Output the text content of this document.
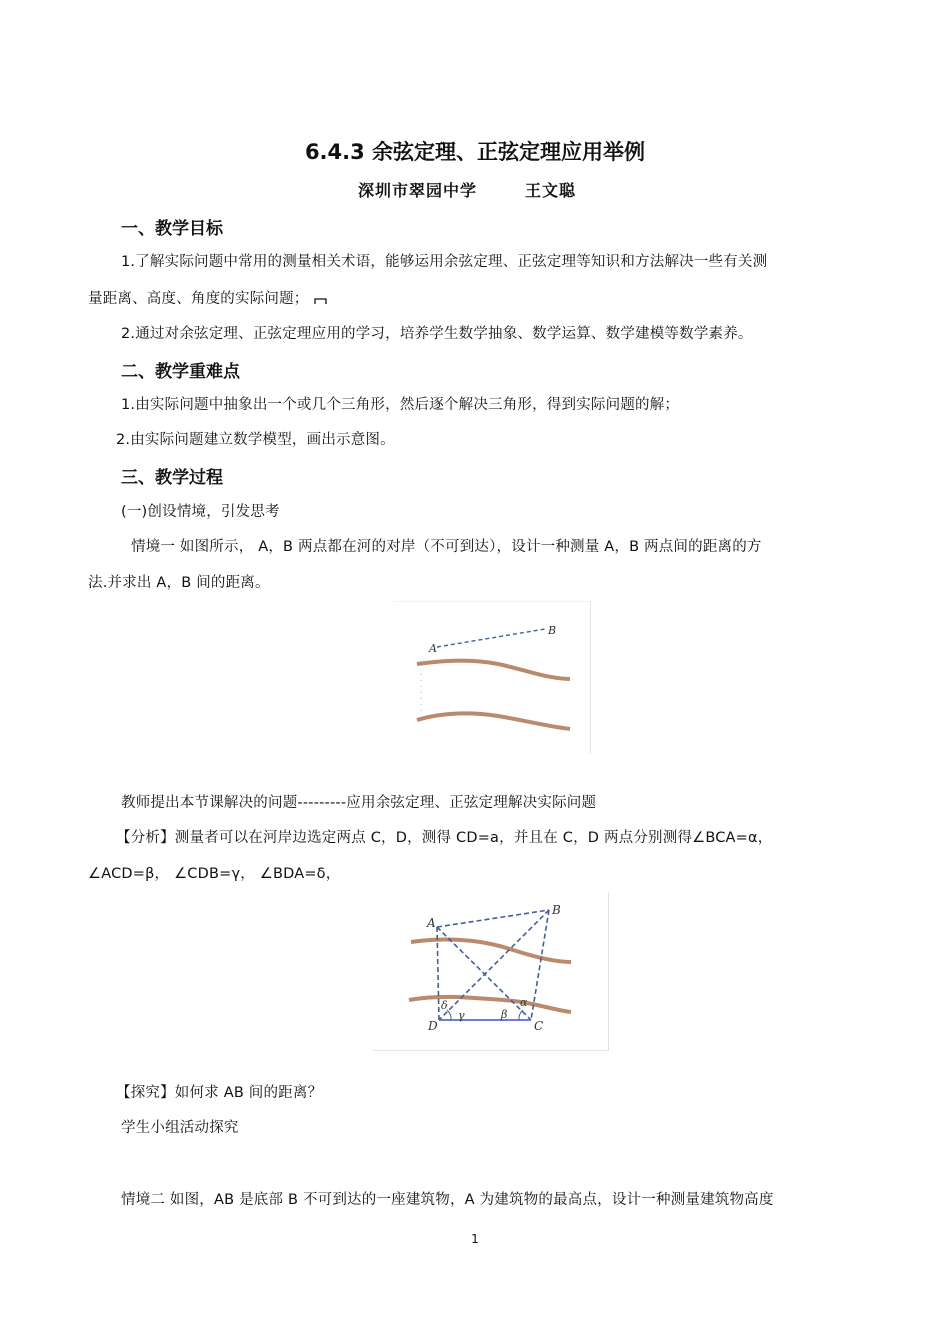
6.4.3 余弦定理、正弦定理应用举例
深圳市翠园中学	王文聪
一、教学目标
1.了解实际问题中常用的测量相关术语，能够运用余弦定理、正弦定理等知识和方法解决一些有关测
量距离、高度、角度的实际问题；
2.通过对余弦定理、正弦定理应用的学习，培养学生数学抽象、数学运算、数学建模等数学素养。
二、教学重难点
1.由实际问题中抽象出一个或几个三角形，然后逐个解决三角形，得到实际问题的解；
2.由实际问题建立数学模型，画出示意图。
三、教学过程
(一)创设情境，引发思考
情境一 如图所示， A，B 两点都在河的对岸（不可到达），设计一种测量 A，B 两点间的距离的方
法.并求出 A，B 间的距离。
A
B
教师提出本节课解决的问题---------应用余弦定理、正弦定理解决实际问题
【分析】测量者可以在河岸边选定两点 C，D，测得 CD=a，并且在 C，D 两点分别测得∠BCA=α，
∠ACD=β， ∠CDB=γ， ∠BDA=δ，
A
B
C
D
α
β
γ
δ
【探究】如何求 AB 间的距离？
学生小组活动探究
情境二 如图，AB 是底部 B 不可到达的一座建筑物，A 为建筑物的最高点，设计一种测量建筑物高度
1
